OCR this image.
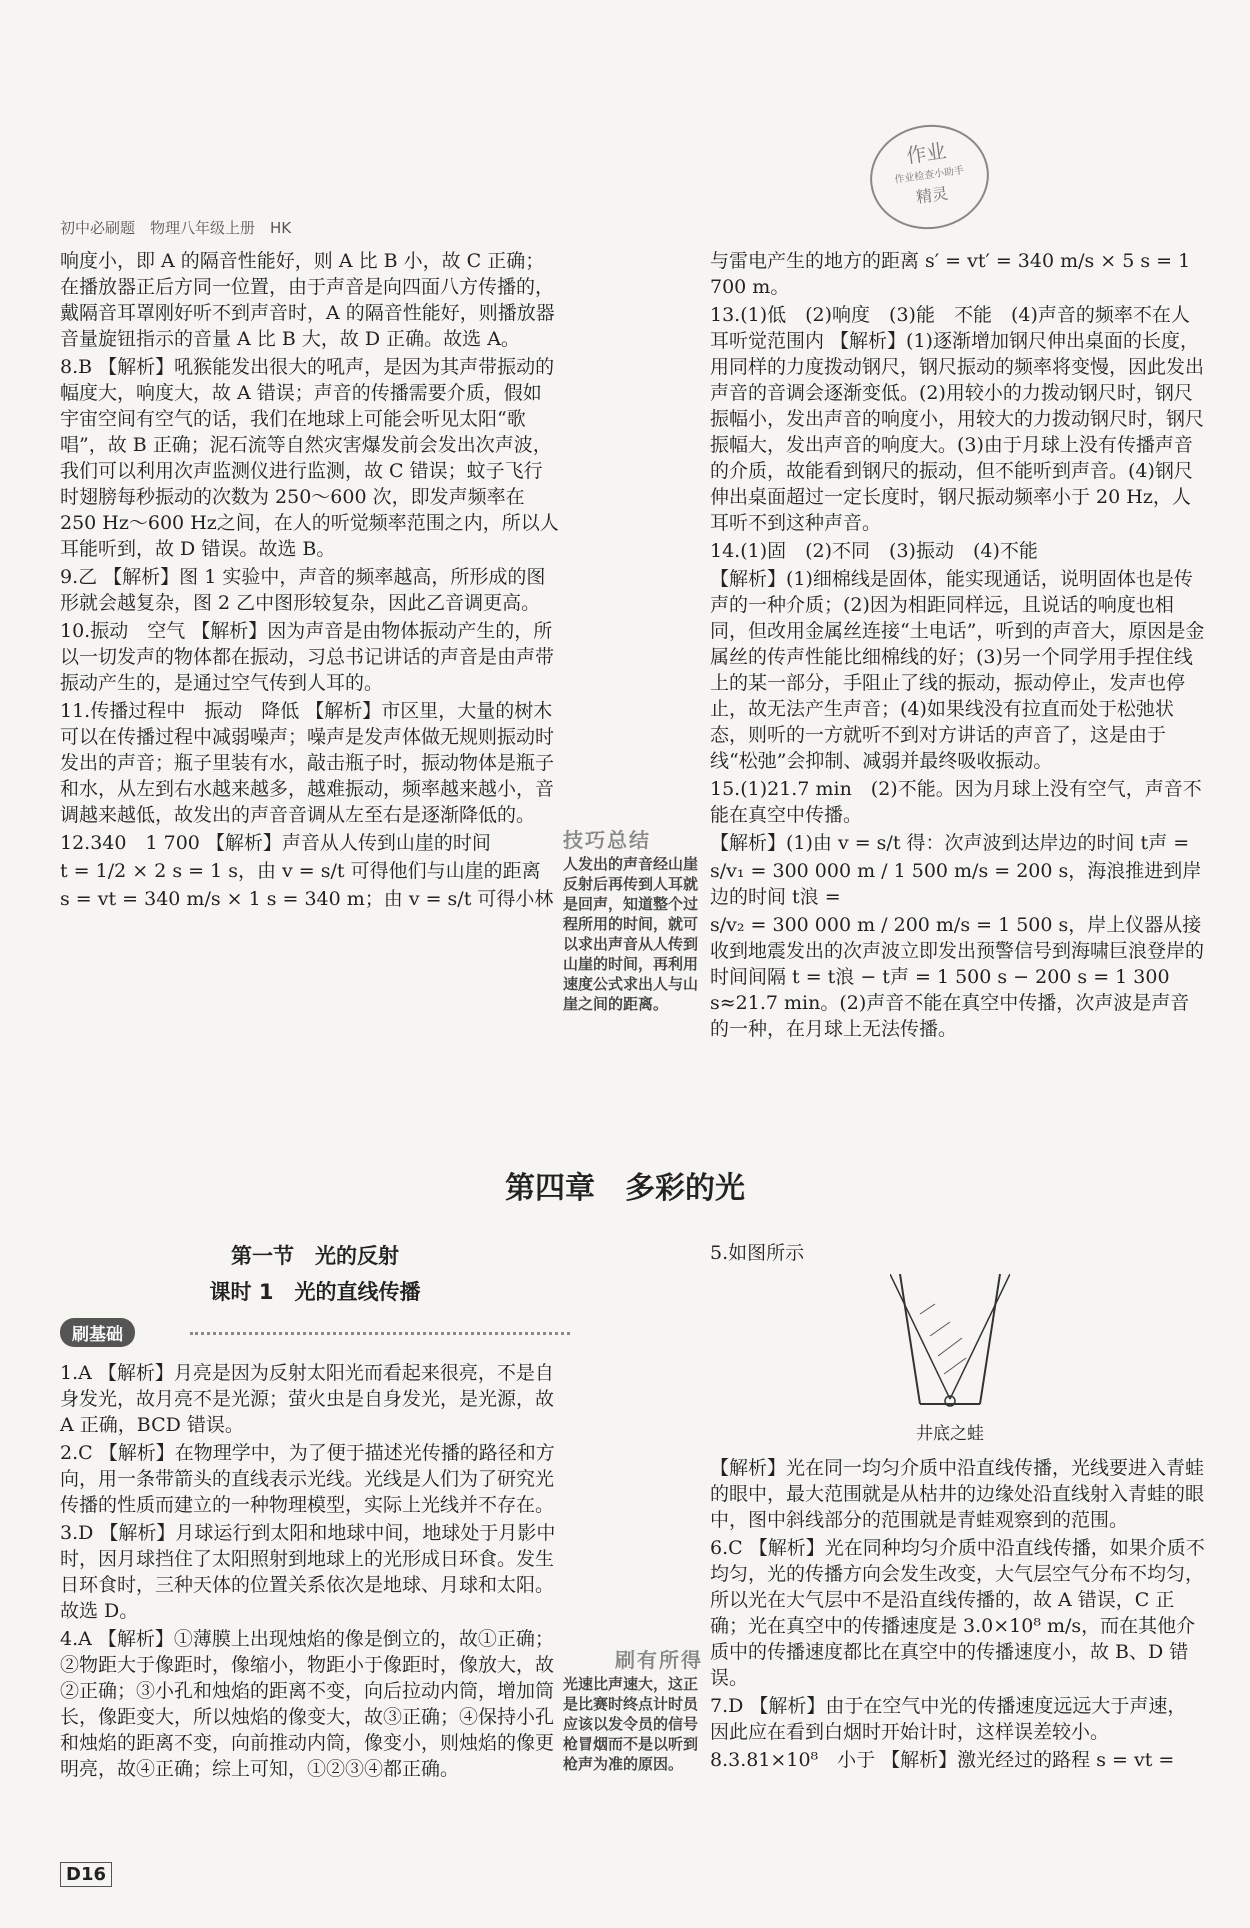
初中必刷题　物理八年级上册　HK
作业
作业检查小助手
精灵

响度小，即 A 的隔音性能好，则 A 比 B 小，故 C 正确；在播放器正后方同一位置，由于声音是向四面八方传播的，戴隔音耳罩刚好听不到声音时，A 的隔音性能好，则播放器音量旋钮指示的音量 A 比 B 大，故 D 正确。故选 A。

8.B 【解析】吼猴能发出很大的吼声，是因为其声带振动的幅度大，响度大，故 A 错误；声音的传播需要介质，假如宇宙空间有空气的话，我们在地球上可能会听见太阳“歌唱”，故 B 正确；泥石流等自然灾害爆发前会发出次声波，我们可以利用次声监测仪进行监测，故 C 错误；蚊子飞行时翅膀每秒振动的次数为 250～600 次，即发声频率在 250 Hz～600 Hz之间，在人的听觉频率范围之内，所以人耳能听到，故 D 错误。故选 B。

9.乙 【解析】图 1 实验中，声音的频率越高，所形成的图形就会越复杂，图 2 乙中图形较复杂，因此乙音调更高。

10.振动　空气 【解析】因为声音是由物体振动产生的，所以一切发声的物体都在振动，习总书记讲话的声音是由声带振动产生的，是通过空气传到人耳的。

11.传播过程中　振动　降低 【解析】市区里，大量的树木可以在传播过程中减弱噪声；噪声是发声体做无规则振动时发出的声音；瓶子里装有水，敲击瓶子时，振动物体是瓶子和水，从左到右水越来越多，越难振动，频率越来越小，音调越来越低，故发出的声音音调从左至右是逐渐降低的。

12.340　1 700 【解析】声音从人传到山崖的时间

t = 1/2 × 2 s = 1 s，由 v = s/t 可得他们与山崖的距离

s = vt = 340 m/s × 1 s = 340 m；由 v = s/t 可得小林

技巧总结
人发出的声音经山崖反射后再传到人耳就是回声，知道整个过程所用的时间，就可以求出声音从人传到山崖的时间，再利用速度公式求出人与山崖之间的距离。

与雷电产生的地方的距离 s′ = vt′ = 340 m/s × 5 s = 1 700 m。

13.(1)低　(2)响度　(3)能　不能　(4)声音的频率不在人耳听觉范围内 【解析】(1)逐渐增加钢尺伸出桌面的长度，用同样的力度拨动钢尺，钢尺振动的频率将变慢，因此发出声音的音调会逐渐变低。(2)用较小的力拨动钢尺时，钢尺振幅小，发出声音的响度小，用较大的力拨动钢尺时，钢尺振幅大，发出声音的响度大。(3)由于月球上没有传播声音的介质，故能看到钢尺的振动，但不能听到声音。(4)钢尺伸出桌面超过一定长度时，钢尺振动频率小于 20 Hz，人耳听不到这种声音。

14.(1)固　(2)不同　(3)振动　(4)不能

【解析】(1)细棉线是固体，能实现通话，说明固体也是传声的一种介质；(2)因为相距同样远，且说话的响度也相同，但改用金属丝连接“土电话”，听到的声音大，原因是金属丝的传声性能比细棉线的好；(3)另一个同学用手捏住线上的某一部分，手阻止了线的振动，振动停止，发声也停止，故无法产生声音；(4)如果线没有拉直而处于松弛状态，则听的一方就听不到对方讲话的声音了，这是由于线“松弛”会抑制、减弱并最终吸收振动。

15.(1)21.7 min　(2)不能。因为月球上没有空气，声音不能在真空中传播。

【解析】(1)由 v = s/t 得：次声波到达岸边的时间 t声 =

s/v₁ = 300 000 m / 1 500 m/s = 200 s，海浪推进到岸边的时间 t浪 =

s/v₂ = 300 000 m / 200 m/s = 1 500 s，岸上仪器从接收到地震发出的次声波立即发出预警信号到海啸巨浪登岸的时间间隔 t = t浪 − t声 = 1 500 s − 200 s = 1 300 s≈21.7 min。(2)声音不能在真空中传播，次声波是声音的一种，在月球上无法传播。

第四章　多彩的光
第一节　光的反射
课时 1　光的直线传播
刷基础

1.A 【解析】月亮是因为反射太阳光而看起来很亮，不是自身发光，故月亮不是光源；萤火虫是自身发光，是光源，故 A 正确，BCD 错误。

2.C 【解析】在物理学中，为了便于描述光传播的路径和方向，用一条带箭头的直线表示光线。光线是人们为了研究光传播的性质而建立的一种物理模型，实际上光线并不存在。

3.D 【解析】月球运行到太阳和地球中间，地球处于月影中时，因月球挡住了太阳照射到地球上的光形成日环食。发生日环食时，三种天体的位置关系依次是地球、月球和太阳。故选 D。

4.A 【解析】①薄膜上出现烛焰的像是倒立的，故①正确；②物距大于像距时，像缩小，物距小于像距时，像放大，故②正确；③小孔和烛焰的距离不变，向后拉动内筒，增加筒长，像距变大，所以烛焰的像变大，故③正确；④保持小孔和烛焰的距离不变，向前推动内筒，像变小，则烛焰的像更明亮，故④正确；综上可知，①②③④都正确。

刷有所得
光速比声速大，这正是比赛时终点计时员应该以发令员的信号枪冒烟而不是以听到枪声为准的原因。

5.如图所示

井底之蛙

【解析】光在同一均匀介质中沿直线传播，光线要进入青蛙的眼中，最大范围就是从枯井的边缘处沿直线射入青蛙的眼中，图中斜线部分的范围就是青蛙观察到的范围。

6.C 【解析】光在同种均匀介质中沿直线传播，如果介质不均匀，光的传播方向会发生改变，大气层空气分布不均匀，所以光在大气层中不是沿直线传播的，故 A 错误，C 正确；光在真空中的传播速度是 3.0×10⁸ m/s，而在其他介质中的传播速度都比在真空中的传播速度小，故 B、D 错误。

7.D 【解析】由于在空气中光的传播速度远远大于声速，因此应在看到白烟时开始计时，这样误差较小。

8.3.81×10⁸　小于 【解析】激光经过的路程 s = vt =

D16
